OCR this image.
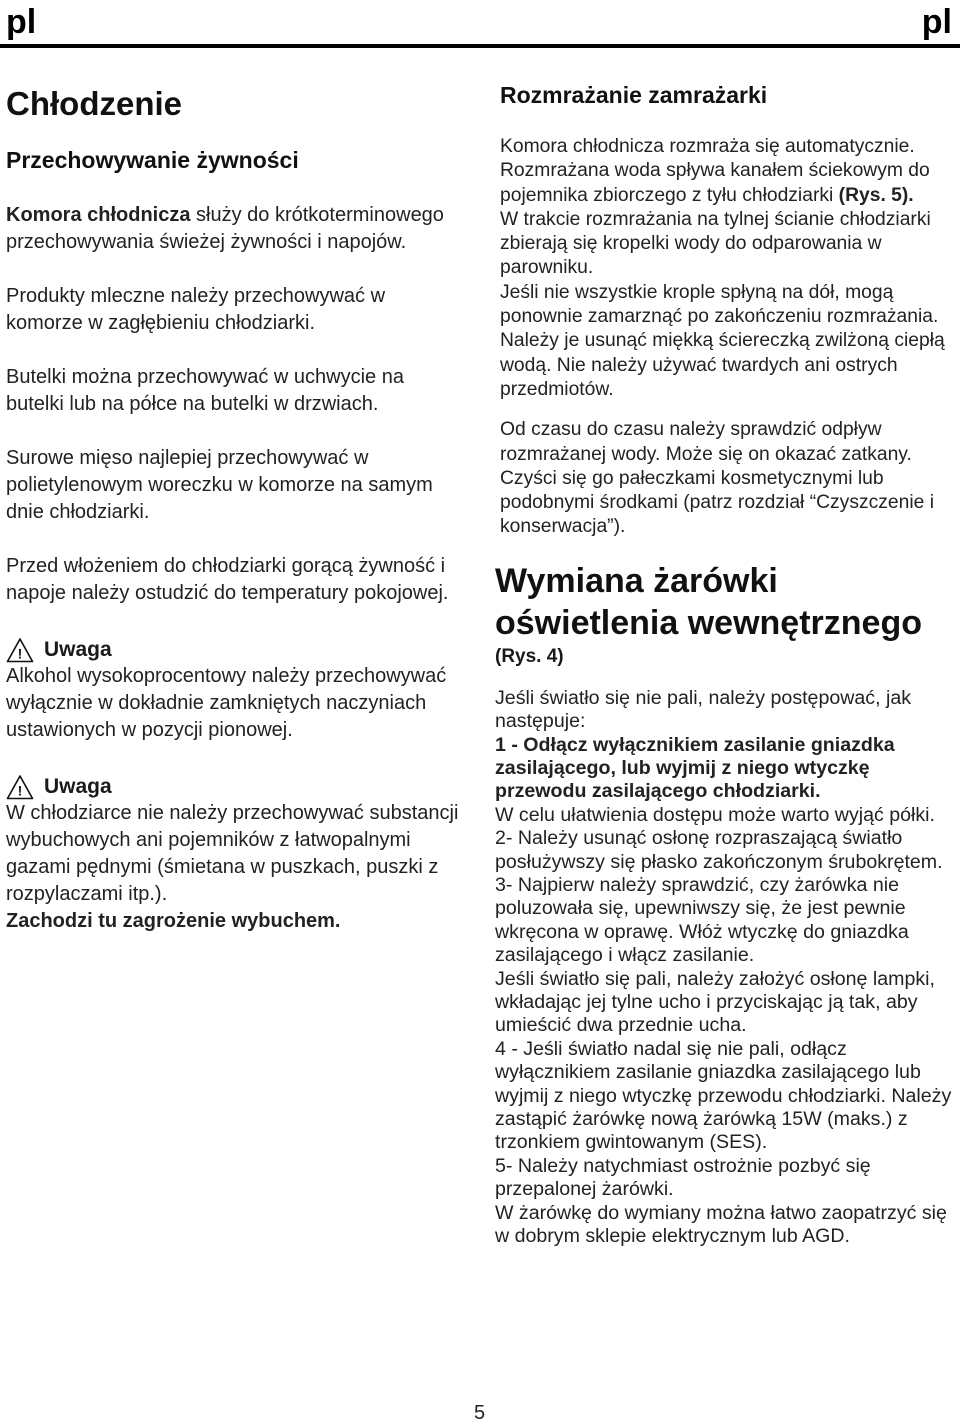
pl	pl
Chłodzenie
Przechowywanie żywności

Komora chłodnicza służy do krótkoterminowego przechowywania świeżej żywności i napojów.

Produkty mleczne należy przechowywać w komorze w zagłębieniu chłodziarki.

Butelki można przechowywać w uchwycie na butelki lub na półce na butelki w drzwiach.

Surowe mięso najlepiej przechowywać w polietylenowym woreczku w komorze na samym dnie chłodziarki.

Przed włożeniem do chłodziarki gorącą żywność i napoje należy ostudzić do temperatury pokojowej.

! Uwaga

Alkohol wysokoprocentowy należy przechowywać wyłącznie w dokładnie zamkniętych naczyniach ustawionych w pozycji pionowej.

! Uwaga

W chłodziarce nie należy przechowywać substancji wybuchowych ani pojemników z łatwopalnymi gazami pędnymi (śmietana w puszkach, puszki z rozpylaczami itp.).

Zachodzi tu zagrożenie wybuchem.

Rozmrażanie zamrażarki

Komora chłodnicza rozmraża się automatycznie. Rozmrażana woda spływa kanałem ściekowym do pojemnika zbiorczego z tyłu chłodziarki (Rys. 5).

W trakcie rozmrażania na tylnej ścianie chłodziarki zbierają się kropelki wody do odparowania w parowniku.

Jeśli nie wszystkie krople spłyną na dół, mogą ponownie zamarznąć po zakończeniu rozmrażania. Należy je usunąć miękką ściereczką zwilżoną ciepłą wodą. Nie należy używać twardych ani ostrych przedmiotów.

Od czasu do czasu należy sprawdzić odpływ rozmrażanej wody. Może się on okazać zatkany. Czyści się go pałeczkami kosmetycznymi lub podobnymi środkami (patrz rozdział “Czyszczenie i konserwacja”).

Wymiana żarówki oświetlenia wewnętrznego
(Rys. 4)

Jeśli światło się nie pali, należy postępować, jak następuje:

1 - Odłącz wyłącznikiem zasilanie gniazdka zasilającego, lub wyjmij z niego wtyczkę przewodu zasilającego chłodziarki.

W celu ułatwienia dostępu może warto wyjąć półki.

2- Należy usunąć osłonę rozpraszającą światło posłużywszy się płasko zakończonym śrubokrętem.

3- Najpierw należy sprawdzić, czy żarówka nie poluzowała się, upewniwszy się, że jest pewnie wkręcona w oprawę. Włóż wtyczkę do gniazdka zasilającego i włącz zasilanie.

Jeśli światło się pali, należy założyć osłonę lampki, wkładając jej tylne ucho i przyciskając ją tak, aby umieścić dwa przednie ucha.

4 - Jeśli światło nadal się nie pali, odłącz wyłącznikiem zasilanie gniazdka zasilającego lub wyjmij z niego wtyczkę przewodu chłodziarki. Należy zastąpić żarówkę nową żarówką 15W (maks.) z trzonkiem gwintowanym (SES).

5- Należy natychmiast ostrożnie pozbyć się przepalonej żarówki.

W żarówkę do wymiany można łatwo zaopatrzyć się w dobrym sklepie elektrycznym lub AGD.

5
